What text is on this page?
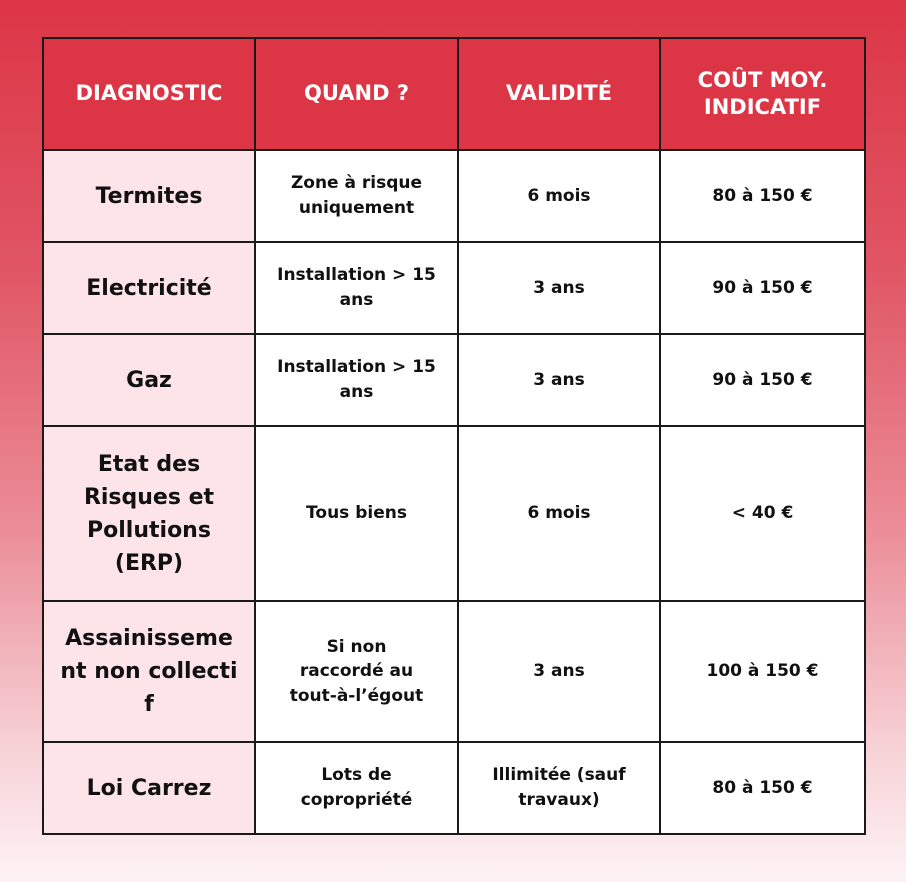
DIAGNOSTIC	QUAND ?	VALIDITÉ	COÛT MOY. INDICATIF
Termites	Zone à risque uniquement	6 mois	80 à 150 €
Electricité	Installation > 15 ans	3 ans	90 à 150 €
Gaz	Installation > 15 ans	3 ans	90 à 150 €
Etat des Risques et Pollutions (ERP)	Tous biens	6 mois	< 40 €
Assainissement non collectif	Si non raccordé au tout-à-l’égout	3 ans	100 à 150 €
Loi Carrez	Lots de copropriété	Illimitée (sauf travaux)	80 à 150 €
